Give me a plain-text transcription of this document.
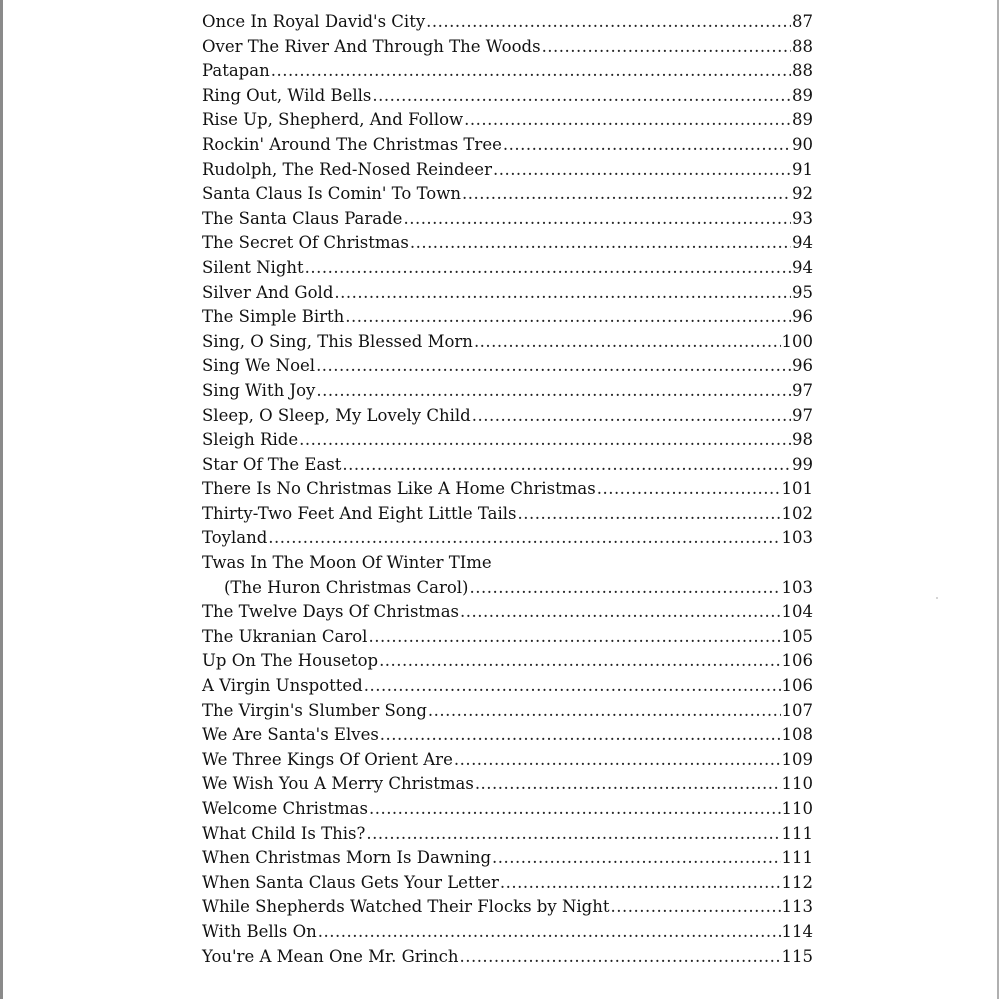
Once In Royal David's City .....	87
Over The River And Through The Woods .....	88
Patapan .....	88
Ring Out, Wild Bells .....	89
Rise Up, Shepherd, And Follow .....	89
Rockin' Around The Christmas Tree .....	90
Rudolph, The Red-Nosed Reindeer .....	91
Santa Claus Is Comin' To Town .....	92
The Santa Claus Parade .....	93
The Secret Of Christmas .....	94
Silent Night .....	94
Silver And Gold .....	95
The Simple Birth .....	96
Sing, O Sing, This Blessed Morn .....	100
Sing We Noel .....	96
Sing With Joy .....	97
Sleep, O Sleep, My Lovely Child .....	97
Sleigh Ride .....	98
Star Of The East .....	99
There Is No Christmas Like A Home Christmas .....	101
Thirty-Two Feet And Eight Little Tails .....	102
Toyland .....	103
Twas In The Moon Of Winter TIme
(The Huron Christmas Carol) .....	103
The Twelve Days Of Christmas .....	104
The Ukranian Carol .....	105
Up On The Housetop .....	106
A Virgin Unspotted .....	106
The Virgin's Slumber Song .....	107
We Are Santa's Elves .....	108
We Three Kings Of Orient Are .....	109
We Wish You A Merry Christmas .....	110
Welcome Christmas .....	110
What Child Is This? .....	111
When Christmas Morn Is Dawning .....	111
When Santa Claus Gets Your Letter .....	112
While Shepherds Watched Their Flocks by Night .....	113
With Bells On .....	114
You're A Mean One Mr. Grinch .....	115
